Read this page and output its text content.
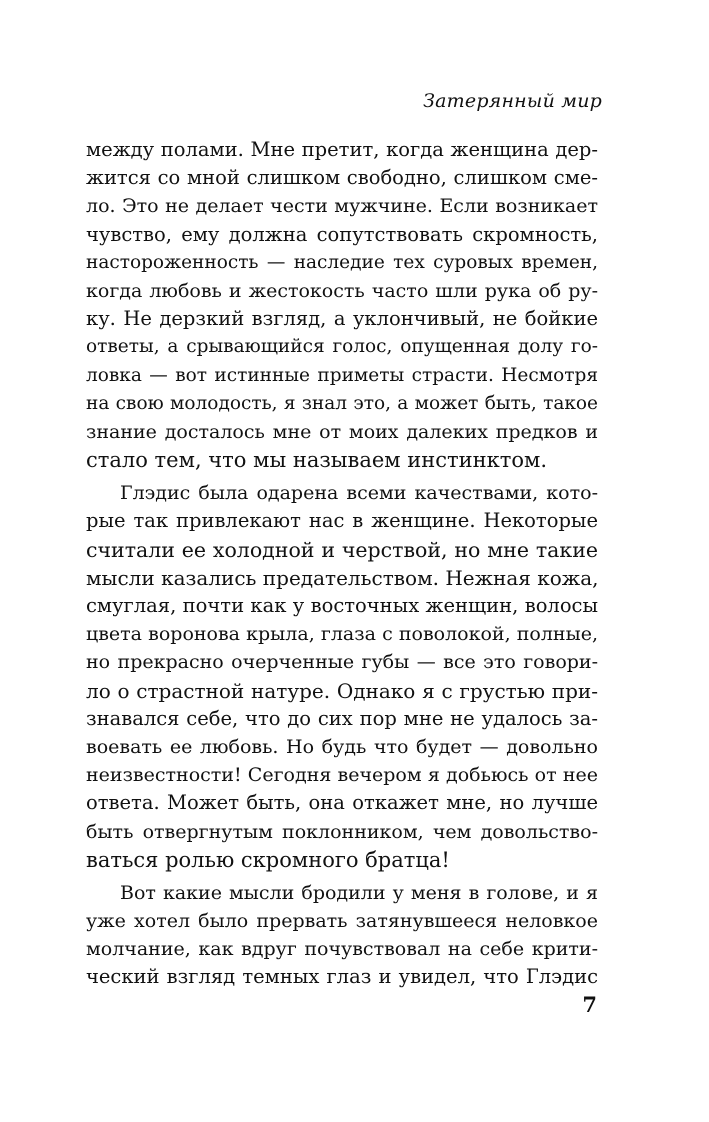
Затерянный мир
между полами. Мне претит, когда женщина дер-
жится со мной слишком свободно, слишком сме-
ло. Это не делает чести мужчине. Если возникает
чувство, ему должна сопутствовать скромность,
настороженность — наследие тех суровых времен,
когда любовь и жестокость часто шли рука об ру-
ку. Не дерзкий взгляд, а уклончивый, не бойкие
ответы, а срывающийся голос, опущенная долу го-
ловка — вот истинные приметы страсти. Несмотря
на свою молодость, я знал это, а может быть, такое
знание досталось мне от моих далеких предков и
стало тем, что мы называем инстинктом.
Глэдис была одарена всеми качествами, кото-
рые так привлекают нас в женщине. Некоторые
считали ее холодной и черствой, но мне такие
мысли казались предательством. Нежная кожа,
смуглая, почти как у восточных женщин, волосы
цвета воронова крыла, глаза с поволокой, полные,
но прекрасно очерченные губы — все это говори-
ло о страстной натуре. Однако я с грустью при-
знавался себе, что до сих пор мне не удалось за-
воевать ее любовь. Но будь что будет — довольно
неизвестности! Сегодня вечером я добьюсь от нее
ответа. Может быть, она откажет мне, но лучше
быть отвергнутым поклонником, чем довольство-
ваться ролью скромного братца!
Вот какие мысли бродили у меня в голове, и я
уже хотел было прервать затянувшееся неловкое
молчание, как вдруг почувствовал на себе крити-
ческий взгляд темных глаз и увидел, что Глэдис
7
